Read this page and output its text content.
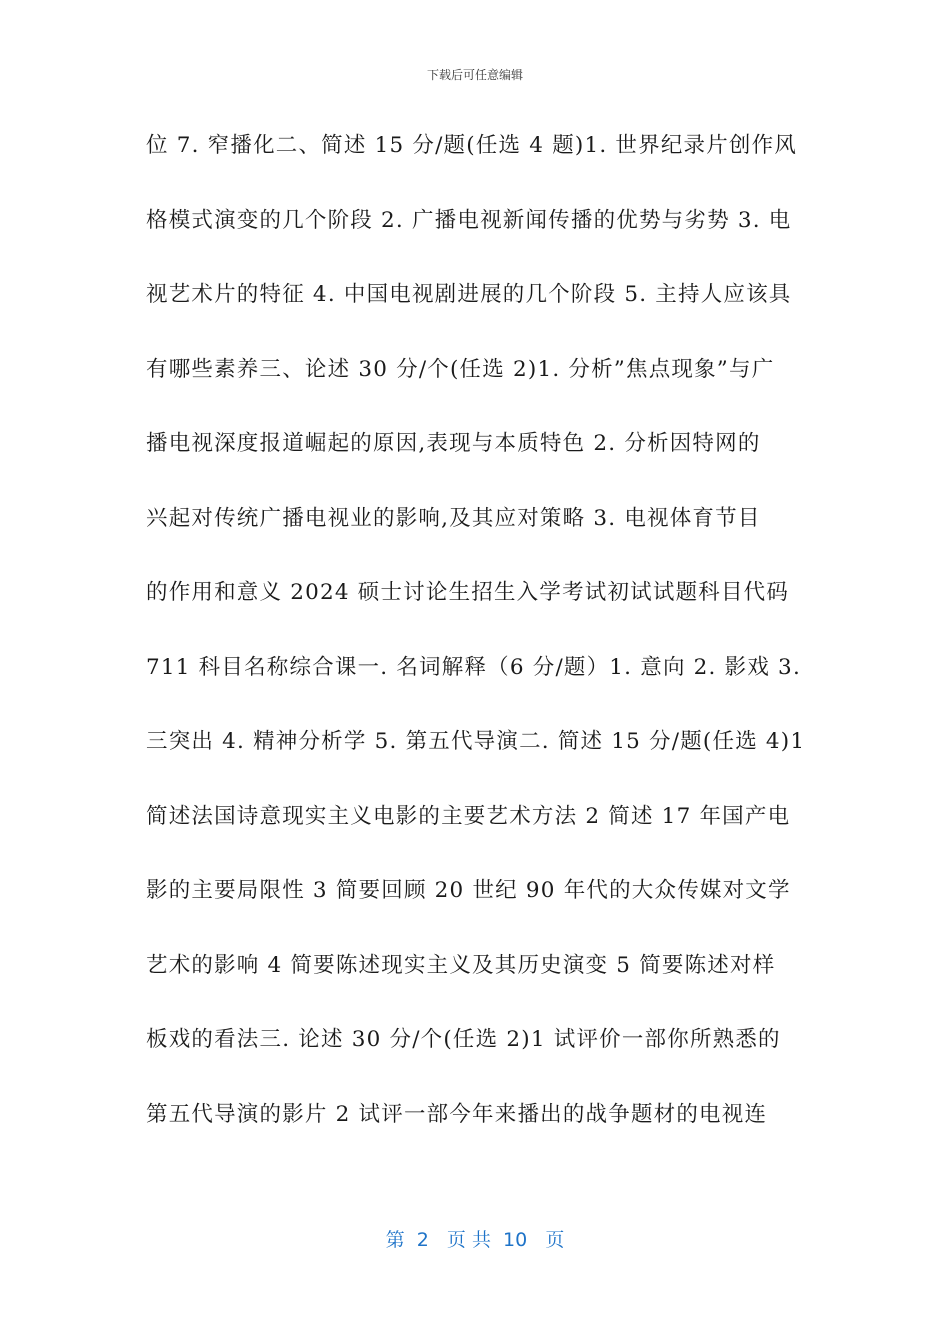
下载后可任意编辑
位 7. 窄播化二、简述 15 分/题(任选 4 题)1. 世界纪录片创作风
格模式演变的几个阶段 2. 广播电视新闻传播的优势与劣势 3. 电
视艺术片的特征 4. 中国电视剧进展的几个阶段 5. 主持人应该具
有哪些素养三、论述 30 分/个(任选 2)1. 分析”焦点现象”与广
播电视深度报道崛起的原因,表现与本质特色 2. 分析因特网的
兴起对传统广播电视业的影响,及其应对策略 3. 电视体育节目
的作用和意义 2024 硕士讨论生招生入学考试初试试题科目代码
711 科目名称综合课一. 名词解释（6 分/题）1. 意向 2. 影戏 3.
三突出 4. 精神分析学 5. 第五代导演二. 简述 15 分/题(任选 4)1
简述法国诗意现实主义电影的主要艺术方法 2 简述 17 年国产电
影的主要局限性 3 简要回顾 20 世纪 90 年代的大众传媒对文学
艺术的影响 4 简要陈述现实主义及其历史演变 5 简要陈述对样
板戏的看法三. 论述 30 分/个(任选 2)1 试评价一部你所熟悉的
第五代导演的影片 2 试评一部今年来播出的战争题材的电视连
第  2   页 共  10   页
